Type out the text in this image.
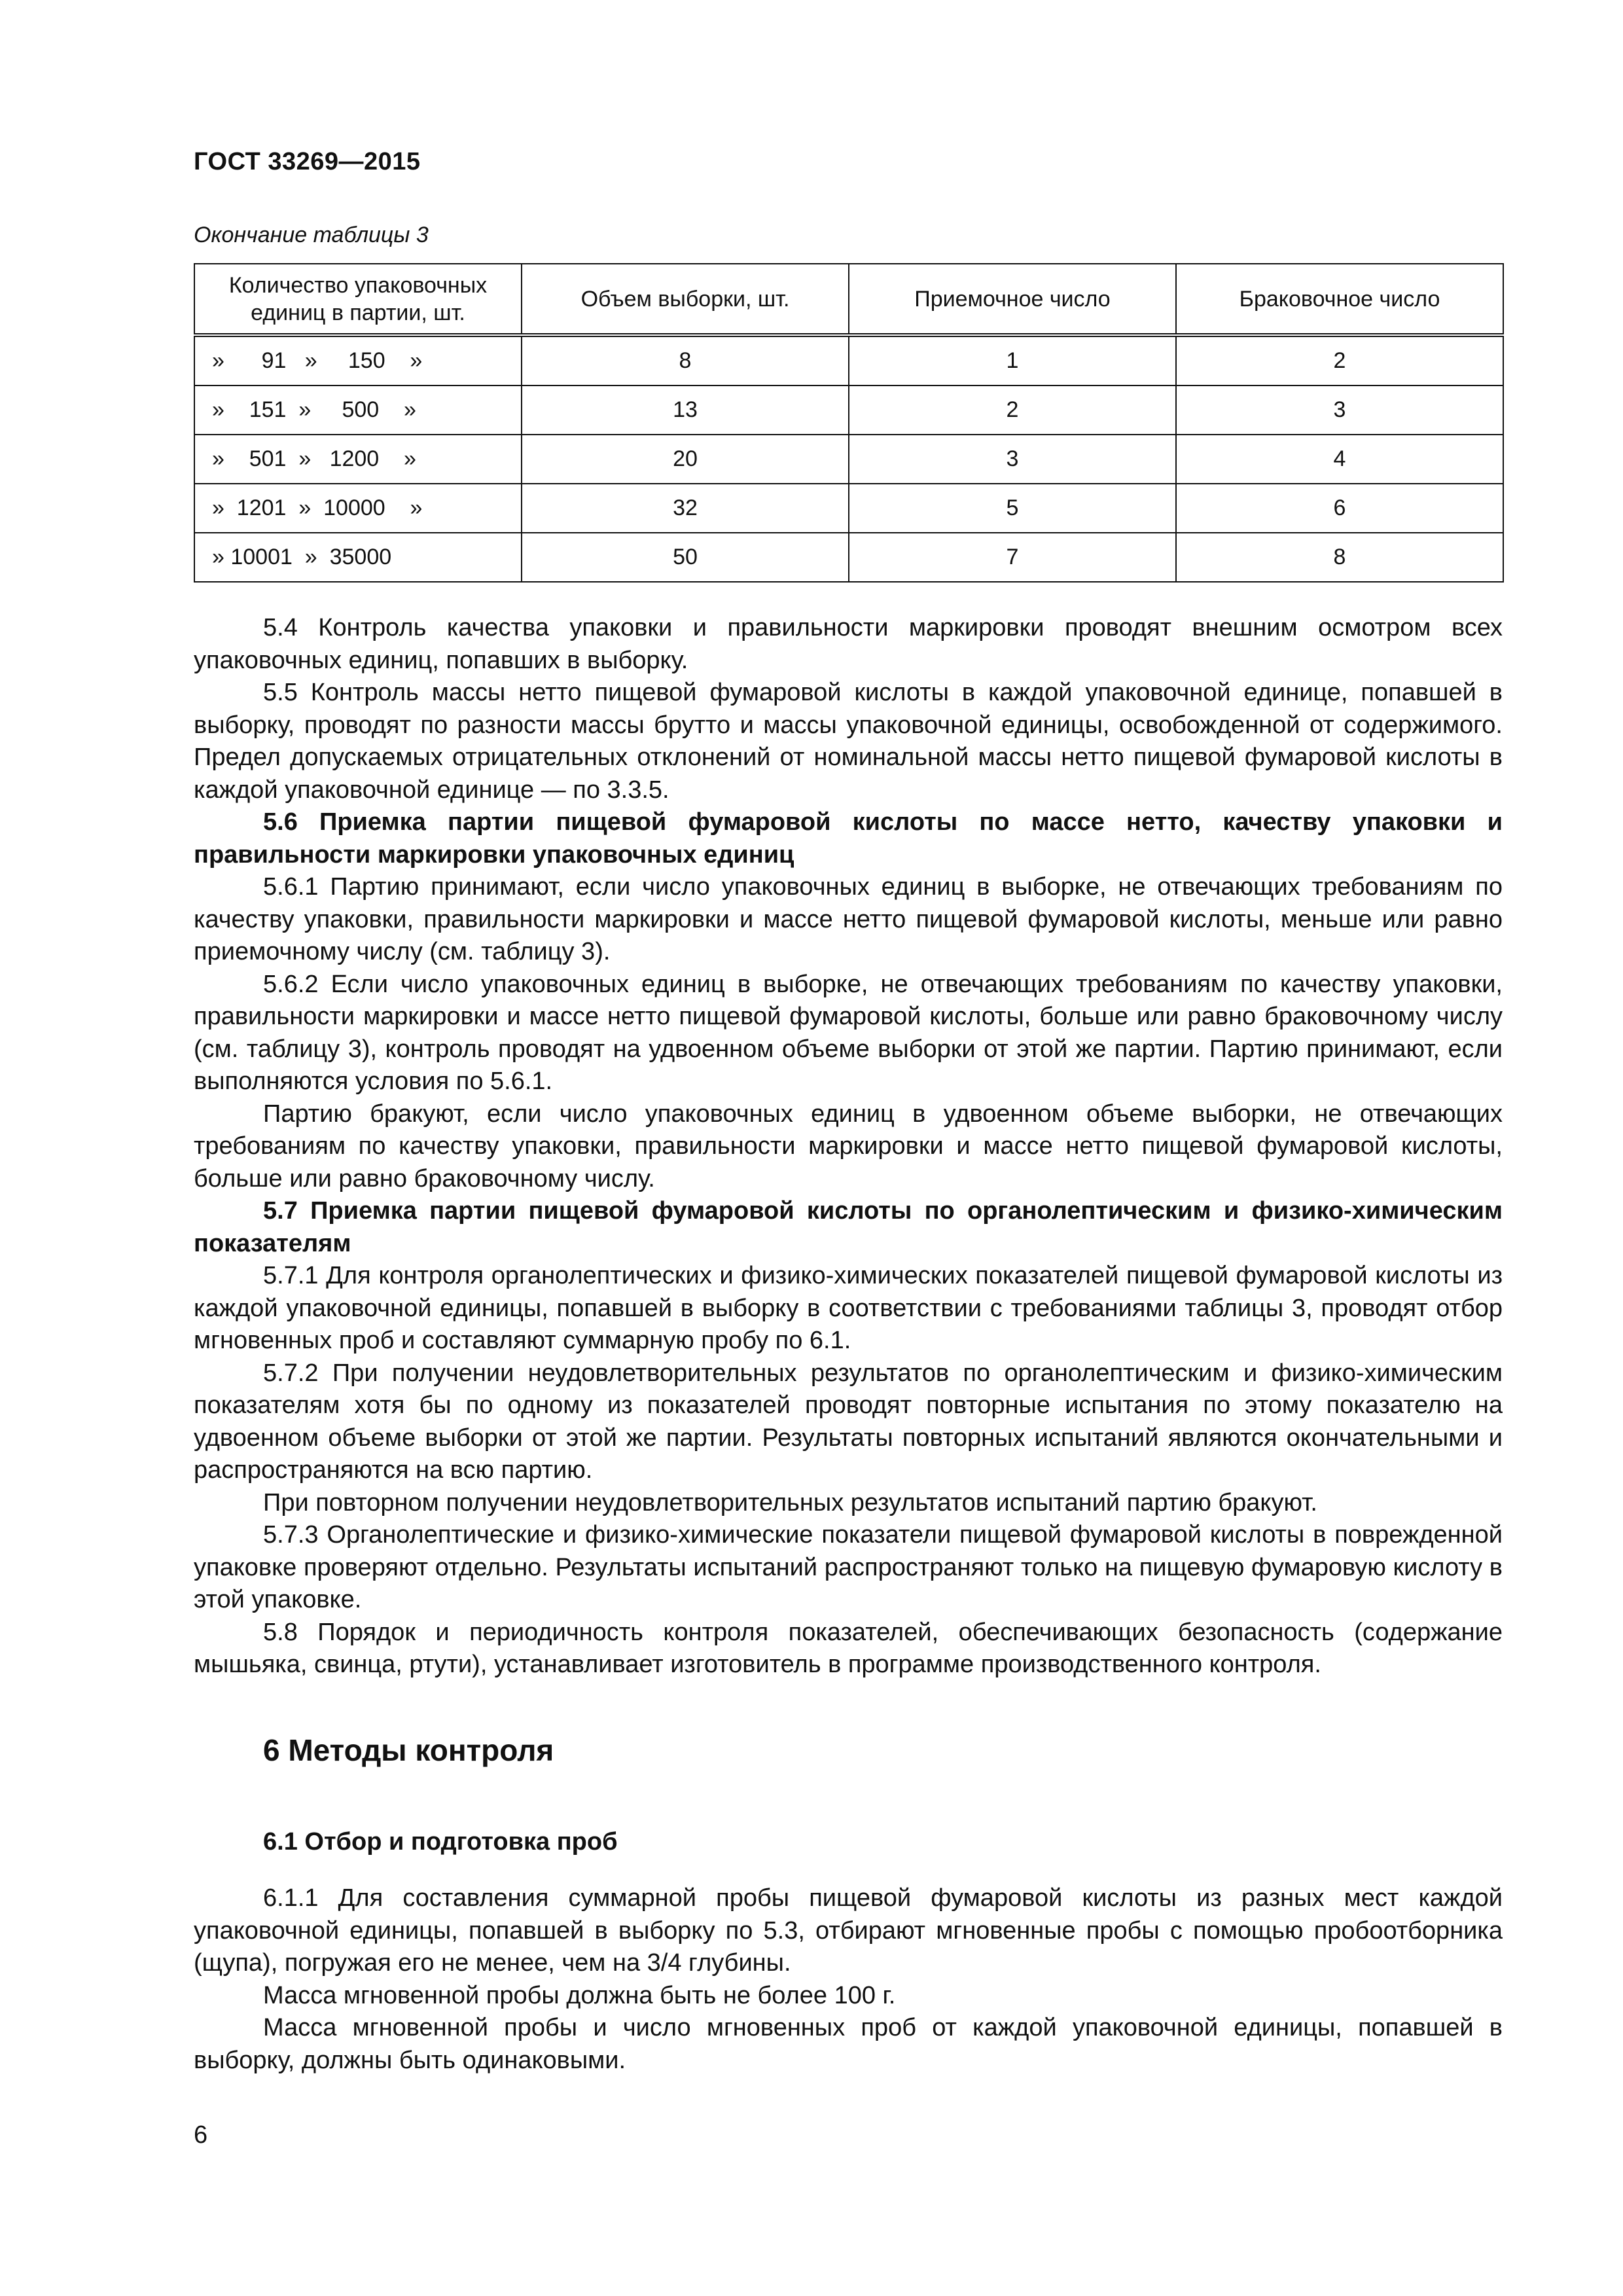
ГОСТ 33269—2015

Окончание таблицы 3

Количество упаковочных единиц в партии, шт.	Объем выборки, шт.	Приемочное число	Браковочное число
»      91   »     150    »	8	1	2
»    151  »     500    »	13	2	3
»    501  »   1200    »	20	3	4
»  1201  »  10000    »	32	5	6
» 10001  »  35000	50	7	8

5.4 Контроль качества упаковки и правильности маркировки проводят внешним осмотром всех упаковочных единиц, попавших в выборку.

5.5 Контроль массы нетто пищевой фумаровой кислоты в каждой упаковочной единице, попавшей в выборку, проводят по разности массы брутто и массы упаковочной единицы, освобожденной от содержимого. Предел допускаемых отрицательных отклонений от номинальной массы нетто пищевой фумаровой кислоты в каждой упаковочной единице — по 3.3.5.

5.6 Приемка партии пищевой фумаровой кислоты по массе нетто, качеству упаковки и правильности маркировки упаковочных единиц

5.6.1 Партию принимают, если число упаковочных единиц в выборке, не отвечающих требованиям по качеству упаковки, правильности маркировки и массе нетто пищевой фумаровой кислоты, меньше или равно приемочному числу (см. таблицу 3).

5.6.2 Если число упаковочных единиц в выборке, не отвечающих требованиям по качеству упаковки, правильности маркировки и массе нетто пищевой фумаровой кислоты, больше или равно браковочному числу (см. таблицу 3), контроль проводят на удвоенном объеме выборки от этой же партии. Партию принимают, если выполняются условия по 5.6.1.

Партию бракуют, если число упаковочных единиц в удвоенном объеме выборки, не отвечающих требованиям по качеству упаковки, правильности маркировки и массе нетто пищевой фумаровой кислоты, больше или равно браковочному числу.

5.7 Приемка партии пищевой фумаровой кислоты по органолептическим и физико-химическим показателям

5.7.1 Для контроля органолептических и физико-химических показателей пищевой фумаровой кислоты из каждой упаковочной единицы, попавшей в выборку в соответствии с требованиями таблицы 3, проводят отбор мгновенных проб и составляют суммарную пробу по 6.1.

5.7.2 При получении неудовлетворительных результатов по органолептическим и физико-химическим показателям хотя бы по одному из показателей проводят повторные испытания по этому показателю на удвоенном объеме выборки от этой же партии. Результаты повторных испытаний являются окончательными и распространяются на всю партию.

При повторном получении неудовлетворительных результатов испытаний партию бракуют.

5.7.3 Органолептические и физико-химические показатели пищевой фумаровой кислоты в поврежденной упаковке проверяют отдельно. Результаты испытаний распространяют только на пищевую фумаровую кислоту в этой упаковке.

5.8 Порядок и периодичность контроля показателей, обеспечивающих безопасность (содержание мышьяка, свинца, ртути), устанавливает изготовитель в программе производственного контроля.

6 Методы контроля
6.1 Отбор и подготовка проб

6.1.1 Для составления суммарной пробы пищевой фумаровой кислоты из разных мест каждой упаковочной единицы, попавшей в выборку по 5.3, отбирают мгновенные пробы с помощью пробоотборника (щупа), погружая его не менее, чем на 3/4 глубины.

Масса мгновенной пробы должна быть не более 100 г.

Масса мгновенной пробы и число мгновенных проб от каждой упаковочной единицы, попавшей в выборку, должны быть одинаковыми.

6
